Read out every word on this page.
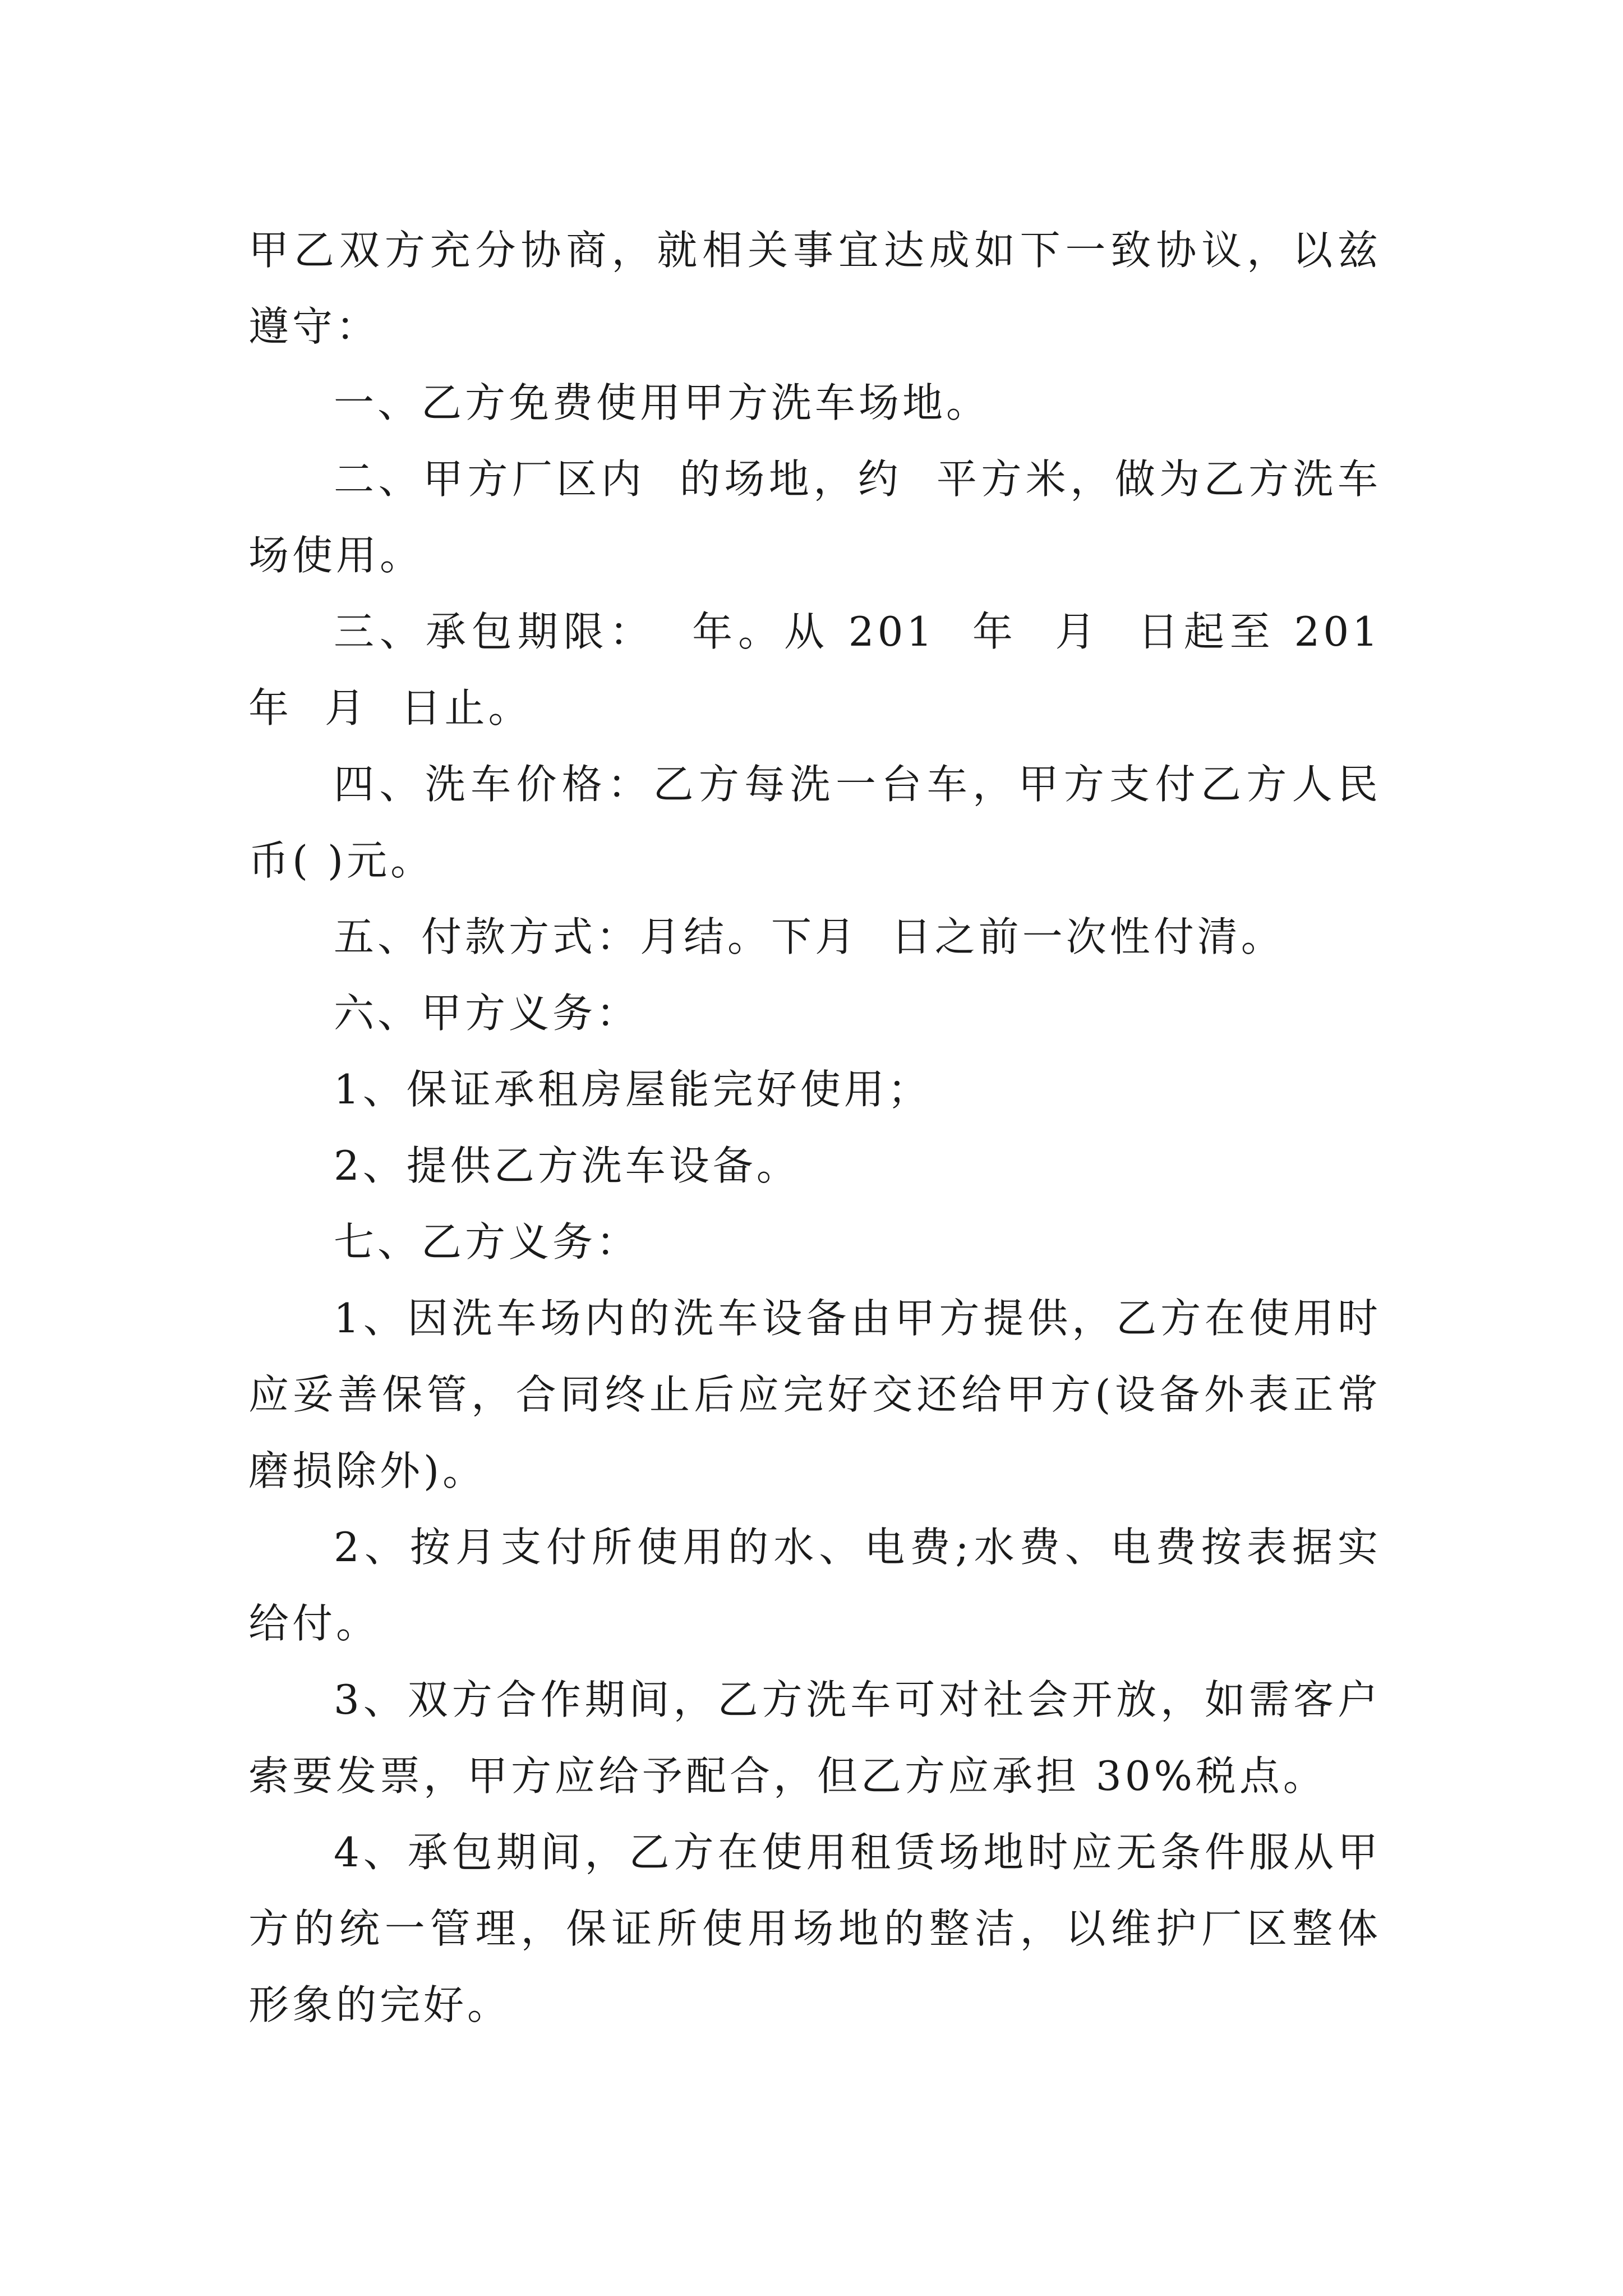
甲乙双方充分协商，就相关事宜达成如下一致协议，以兹遵守：

一、乙方免费使用甲方洗车场地。

二、甲方厂区内  的场地，约  平方米，做为乙方洗车场使用。

三、承包期限：  年。从 201  年  月  日起至 201  年  月  日止。

四、洗车价格：乙方每洗一台车，甲方支付乙方人民币( )元。

五、付款方式：月结。下月  日之前一次性付清。

六、甲方义务：

1、保证承租房屋能完好使用；

2、提供乙方洗车设备。

七、乙方义务：

1、因洗车场内的洗车设备由甲方提供，乙方在使用时应妥善保管，合同终止后应完好交还给甲方(设备外表正常磨损除外)。

2、按月支付所使用的水、电费;水费、电费按表据实给付。

3、双方合作期间，乙方洗车可对社会开放，如需客户索要发票，甲方应给予配合，但乙方应承担 30%税点。

4、承包期间，乙方在使用租赁场地时应无条件服从甲方的统一管理，保证所使用场地的整洁，以维护厂区整体形象的完好。
